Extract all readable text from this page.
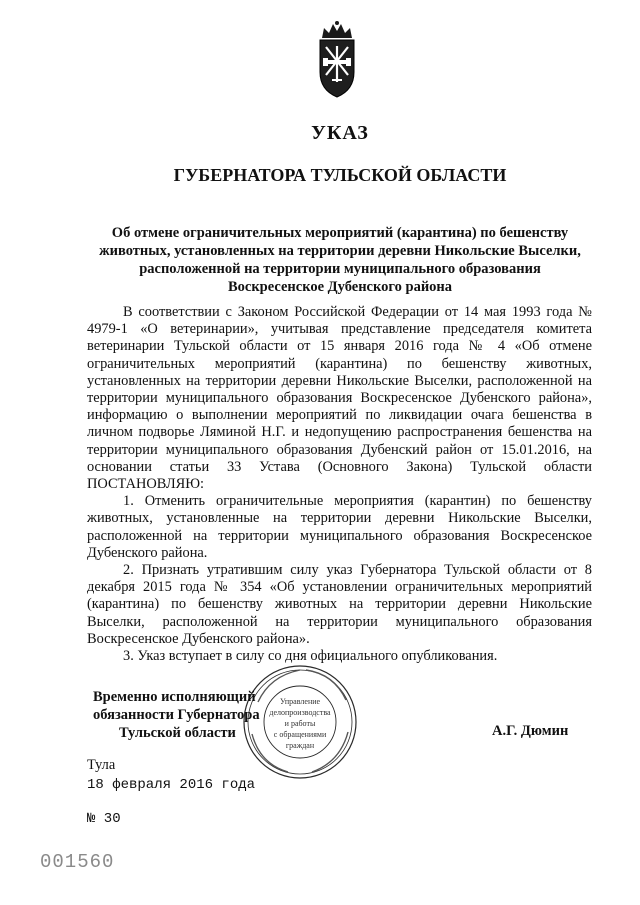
УКАЗ
ГУБЕРНАТОРА ТУЛЬСКОЙ ОБЛАСТИ
Об отмене ограничительных мероприятий (карантина) по бешенству
животных, установленных на территории деревни Никольские Выселки,
расположенной на территории муниципального образования
Воскресенское Дубенского района

В соответствии с Законом Российской Федерации от 14 мая 1993 года № 4979-1 «О ветеринарии», учитывая представление председателя комитета ветеринарии Тульской области от 15 января 2016 года № 4 «Об отмене ограничительных мероприятий (карантина) по бешенству животных, установленных на территории деревни Никольские Выселки, расположенной на территории муниципального образования Воскресенское Дубенского района», информацию о выполнении мероприятий по ликвидации очага бешенства в личном подворье Ляминой Н.Г. и недопущению распространения бешенства на территории муниципального образования Дубенский район от 15.01.2016, на основании статьи 33 Устава (Основного Закона) Тульской области ПОСТАНОВЛЯЮ:

1. Отменить ограничительные мероприятия (карантин) по бешенству животных, установленные на территории деревни Никольские Выселки, расположенной на территории муниципального образования Воскресенское Дубенского района.

2. Признать утратившим силу указ Губернатора Тульской области от 8 декабря 2015 года № 354 «Об установлении ограничительных мероприятий (карантина) по бешенству животных на территории деревни Никольские Выселки, расположенной на территории муниципального образования Воскресенское Дубенского района».

3. Указ вступает в силу со дня официального опубликования.

Управление
делопроизводства
и работы
с обращениями
граждан
Временно исполняющий
обязанности Губернатора
Тульской области	А.Г. Дюмин
Тула
18 февраля 2016 года
№ 30
001560
